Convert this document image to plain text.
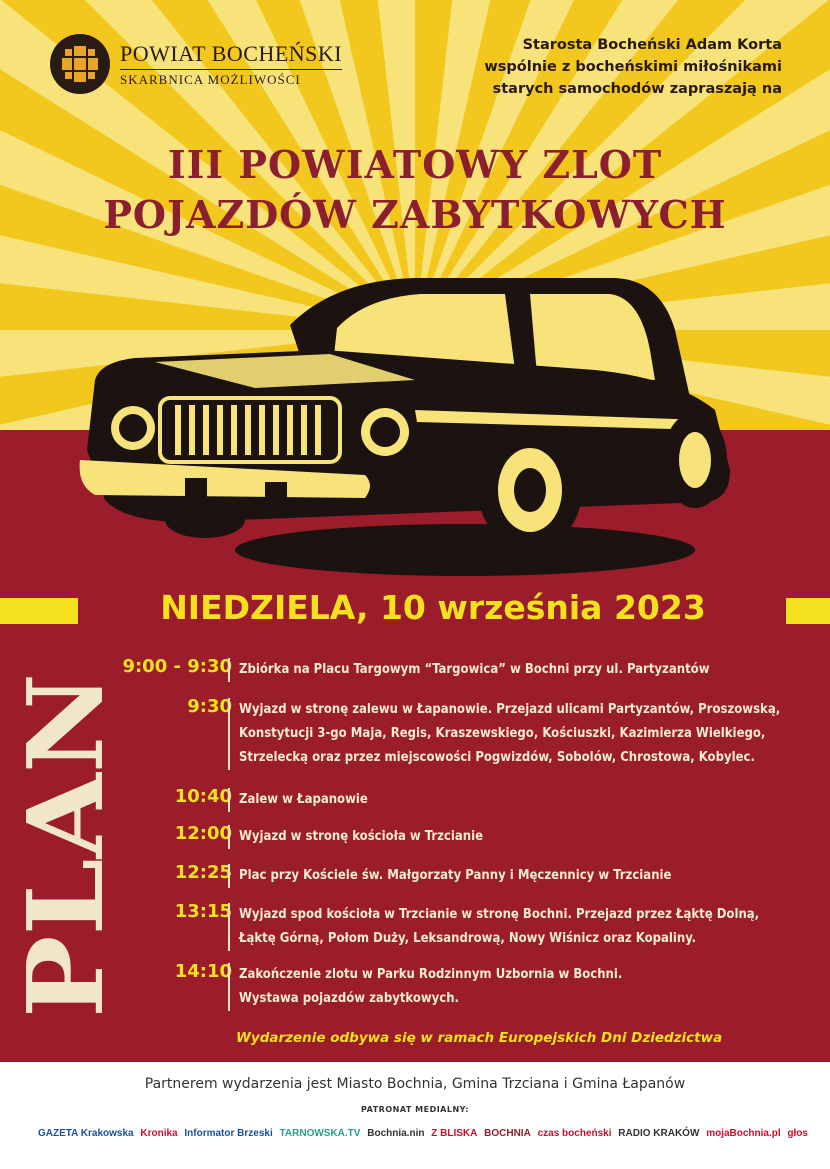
POWIAT BOCHEŃSKI
SKARBNICA MOŻLIWOŚCI
Starosta Bocheński Adam Korta
wspólnie z bocheńskimi miłośnikami
starych samochodów zapraszają na
III POWIATOWY ZLOT
POJAZDÓW ZABYTKOWYCH
NIEDZIELA, 10 września 2023
PLAN
9:00 - 9:30 Zbiórka na Placu Targowym “Targowica” w Bochni przy ul. Partyzantów
9:30 Wyjazd w stronę zalewu w Łapanowie. Przejazd ulicami Partyzantów, Proszowską,
Konstytucji 3-go Maja, Regis, Kraszewskiego, Kościuszki, Kazimierza Wielkiego,
Strzelecką oraz przez miejscowości Pogwizdów, Sobolów, Chrostowa, Kobylec.
10:40 Zalew w Łapanowie
12:00 Wyjazd w stronę kościoła w Trzcianie
12:25 Plac przy Kościele św. Małgorzaty Panny i Męczennicy w Trzcianie
13:15 Wyjazd spod kościoła w Trzcianie w stronę Bochni. Przejazd przez Łąktę Dolną,
Łąktę Górną, Połom Duży, Leksandrową, Nowy Wiśnicz oraz Kopaliny.
14:10 Zakończenie zlotu w Parku Rodzinnym Uzbornia w Bochni.
Wystawa pojazdów zabytkowych.
Wydarzenie odbywa się w ramach Europejskich Dni Dziedzictwa
Partnerem wydarzenia jest Miasto Bochnia, Gmina Trzciana i Gmina Łapanów
PATRONAT MEDIALNY:
GAZETA Krakowska Kronika Informator Brzeski TARNOWSKA.TV Bochnia.nin Z BLISKA BOCHNIA czas bocheński RADIO KRAKÓW mojaBochnia.pl głos
